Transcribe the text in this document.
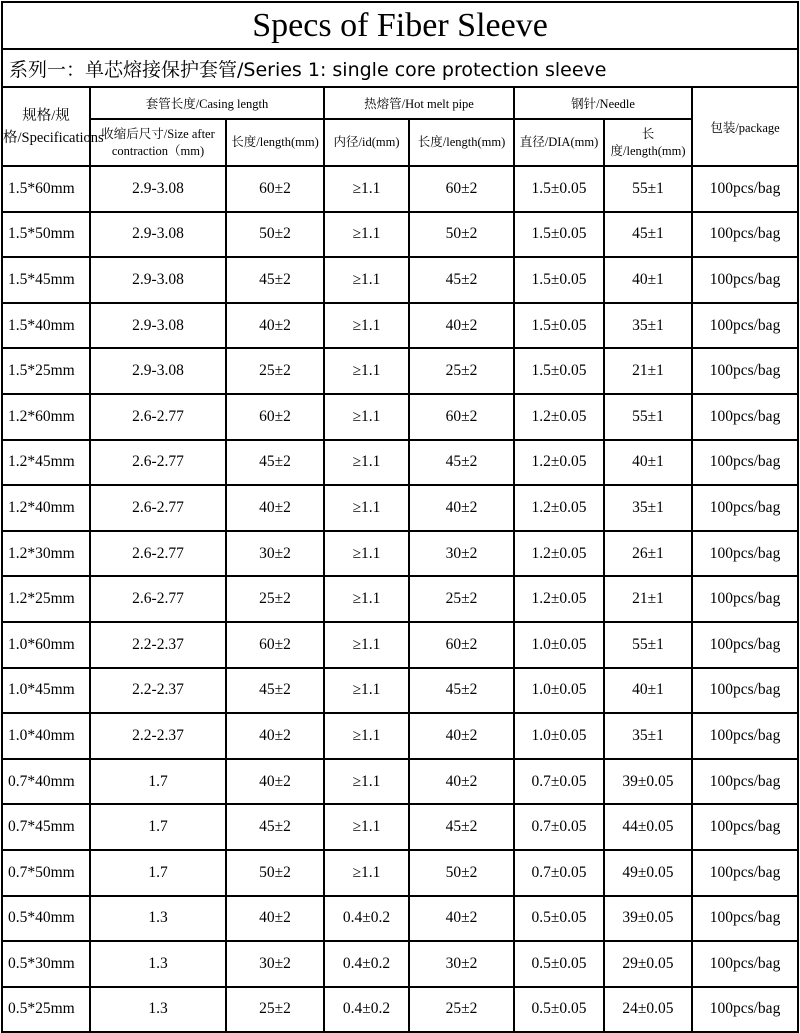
Specs of Fiber Sleeve							
系列一：单芯熔接保护套管/Series 1: single core protection sleeve							
规格/规格/Specifications	套管长度/Casing length		热熔管/Hot melt pipe		钢针/Needle		包装/package
	收缩后尺寸/Size after contraction（mm)	长度/length(mm)	内径/id(mm)	长度/length(mm)	直径/DIA(mm)	长度/length(mm)	
1.5*60mm	2.9-3.08	60±2	≥1.1	60±2	1.5±0.05	55±1	100pcs/bag
1.5*50mm	2.9-3.08	50±2	≥1.1	50±2	1.5±0.05	45±1	100pcs/bag
1.5*45mm	2.9-3.08	45±2	≥1.1	45±2	1.5±0.05	40±1	100pcs/bag
1.5*40mm	2.9-3.08	40±2	≥1.1	40±2	1.5±0.05	35±1	100pcs/bag
1.5*25mm	2.9-3.08	25±2	≥1.1	25±2	1.5±0.05	21±1	100pcs/bag
1.2*60mm	2.6-2.77	60±2	≥1.1	60±2	1.2±0.05	55±1	100pcs/bag
1.2*45mm	2.6-2.77	45±2	≥1.1	45±2	1.2±0.05	40±1	100pcs/bag
1.2*40mm	2.6-2.77	40±2	≥1.1	40±2	1.2±0.05	35±1	100pcs/bag
1.2*30mm	2.6-2.77	30±2	≥1.1	30±2	1.2±0.05	26±1	100pcs/bag
1.2*25mm	2.6-2.77	25±2	≥1.1	25±2	1.2±0.05	21±1	100pcs/bag
1.0*60mm	2.2-2.37	60±2	≥1.1	60±2	1.0±0.05	55±1	100pcs/bag
1.0*45mm	2.2-2.37	45±2	≥1.1	45±2	1.0±0.05	40±1	100pcs/bag
1.0*40mm	2.2-2.37	40±2	≥1.1	40±2	1.0±0.05	35±1	100pcs/bag
0.7*40mm	1.7	40±2	≥1.1	40±2	0.7±0.05	39±0.05	100pcs/bag
0.7*45mm	1.7	45±2	≥1.1	45±2	0.7±0.05	44±0.05	100pcs/bag
0.7*50mm	1.7	50±2	≥1.1	50±2	0.7±0.05	49±0.05	100pcs/bag
0.5*40mm	1.3	40±2	0.4±0.2	40±2	0.5±0.05	39±0.05	100pcs/bag
0.5*30mm	1.3	30±2	0.4±0.2	30±2	0.5±0.05	29±0.05	100pcs/bag
0.5*25mm	1.3	25±2	0.4±0.2	25±2	0.5±0.05	24±0.05	100pcs/bag
